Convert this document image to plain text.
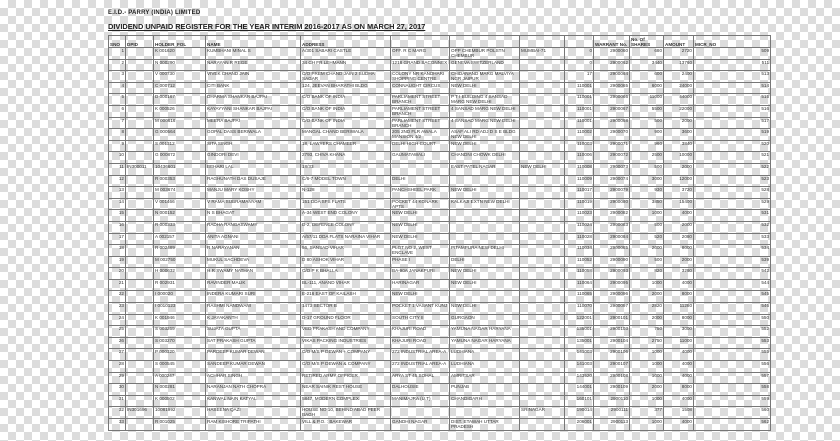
E.I.D.- PARRY (INDIA) LIMITED
DIVIDEND UNPAID REGISTER FOR THE YEAR INTERIM 2016-2017 AS ON MARCH 27, 2017
SNO	DPID	HOLDER_FOL	NAME	ADDRESS					WARRANT No.	No. Of SHARES	AMOUNT	MICR_NO
1		K 001620	KUMBHANI MINAL S	A/301 SABARI CASTLE	OFF. R C MARG	OPP CHEMBUR POLSTN CHEMBUR	MUMBAI-71	0	2900060	680	2720	509
2		N 000290	NARAYAN R REGE	34 CH FR LEHMANN	1218 GRAND SACONNEX	GENEVA SWITZERLAND		0	2900062	3440	13760	511
3		V 000730	VIVEK CHAND JAIN	C/O PREM CHAND JAIN 2 SUDHA SAGAR	COLONY NR KANDHARI SHOPPING CENTRE	CHIDANAND MARG MALVIYA NGR JAIPUR		17	2900064	600	2400	513
4		C 000712	CITI BANK	124, JEEVAN BHARATHI BLDG	CONNAUGHT CIRCUS	NEW DELHI		110001	2900065	6000	24000	514
5		D 000167	DHARMA SHANKAR BAJPAI	C/O BANK OF INDIA	PARLIAMENT STREET BRANCH	P T I BUILDING 4 SANSAD MARG NEW DELHI		110001	2900066	11000	44000	515
6		K 000526	KAYAYYANI SHANKAR BAJPAI	C/O BANK OF INDIA	PARLIAMENT STREET BRANCH	4 SANSAD MARG NEW DELHI		110001	2900067	5500	22000	516
7		M 000616	MEERA BAJPAI	C/O BANK OF INDIA	PARLIAMENT STREET BRANCH	4 SANSAD MARG NEW DELHI		110001	2900068	500	2000	517
8		G 000564	GOPAL DASS BERIWALA	MANGAL CHAND BERIWALA	205 2ND FLR AWALA MANSION 4/2	ASAF ALI RD ADJ D S E BLDG NEW DELHI		110002	2900070	900	3600	519
9		S 001312	SITA SINGH	18, LAWYERS CHAMBER	DELHI HIGH COURT	NEW DELHI		110003	2900071	960	3840	520
10		G 000872	GINDORI DEVI	2793, CHIVA KHANA	GAUMATAWALI	CHANDNI CHOWK DELHI		110006	2900072	2500	10000	521
11	IN300011	10436601	BEHARI LAL	18/33		EAST PATEL NAGAR	NEW DELHI	110008	2900073	500	2000	522
12		R 000353	RAGHUNATH DAS DUSAJE	C/6-7 MODEL TOWN	DELHI			110009	2900074	3000	12000	523
13		M 003674	MANJU MARY KOSHY	N-128	PANCHSHEEL PARK	NEW DELHI		110017	2900079	930	3720	528
14		V 001466	V RAMA SUBRAMANYAM	151 DDA SFS FLATS	POCKET 44 KONARK APTS	KALKAJI EXTN NEW DELHI		110019	2900080	3850	15400	529
15		N 000152	N S BHAGAT	A-34 WEST END COLONY	NEW DELHI			110023	2900082	1000	4000	531
16		R 000333	RADHA RANGASWAMY	D-2, DEFENCE COLONY	NEW DELHI			110024	2900083	500	2000	532
17		A 002157	ANITA AGNANI	A/57/11 DDA FLATS NARAINA VIHAR	NEW DELHI			110028	2900084	520	2080	533
18		R 002489	R NARAYANAN	56, SANSAD VIHAR	PLOT NO 2, WEST ENCLAVE	PITAMPURA NEW DELHI		110034	2900085	2000	8000	534
19		M 002750	MUKUL SACHDEVA	D 80 ASHOK VIHAR	PHASE I	DELHI		110052	2900090	500	2000	539
20		H 000632	H R SWAMY NATHAN	C/O P K BHALLA	BA-90A JANAKPURI	NEW DELHI		110058	2900093	820	3280	542
21		R 002931	RAVINDER MALIK	BL-111, ANAND VIHAR	HARINAGAR	NEW DELHI		110064	2900095	1000	4000	544
22		I 000020	INDERA KUMARI SURI	E-216 EAST OF KAILASH	NEW DELHI			110065	2900096	2000	8000	545
23		I 0010123	RASHMI NANDWANI	1473 SECTOR B	POCKET 1 VASANT KUNJ	NEW DELHI		110070	2900097	2820	11280	546
24		K 001946	K JAYAKANTH	D-17 GROUND FLOOR	SOUTH CITY II	GURGAON		122001	2900101	2000	8000	550
25		S 003269	SUJATA GUPTA	VED PRAKASH AND COMPANY	KHAJURI ROAD	YAMUNA NAGAR HARYANA		135001	2900103	750	3000	552
26		S 003270	SAT PRAKASH GUPTA	VIKAS PACKING INDUSTRIES	KHAJURI ROAD	YAMUNA NAGAR HARYANA		135001	2900104	2750	11000	553
27		P 000320	PARDEEP KUMAR DEWAN	C/O M/S P DEWAN + COMPANY	272 INDUSTRIAL AREA-A	LUDHIANA		141003	2900106	1000	4000	555
28		S 000545	SANDEEP KUMAR DEWAN	C/O M/S P DEWAN & COMPANY	272 INDUSTRIAL AREA-A	LUDHIANA		141003	2900107	1000	4000	556
29		A 000247	ACHHAR SINGH	RETIRED ARMY OFFICER	ARYA ST 45 SOHAL	AMRITSAR		143520	2900108	1000	4000	557
30		N 000281	NARANJAN NATH CHOPRA	NEAR SAINIK REST HOUSE	DALHOUSIE	PUNJAB		144001	2900109	2000	8000	558
31		K 000502	KANWAL NAIN KATYAL	5847, MODERN COMPLEX	MANIMAJRA (U.T)	CHANDIGARH		160101	2900110	1000	4000	559
32	IN301696	10081992	HASEENA QAZI	HOUSE NO 10, BEHIND ABAD PEER BAGH			SRINAGAR	190014	2900111	377	1508	560
33		R 001025	RAM KISHORE TRIPATHI	VILL & P.O. : BAKEWAR	GANDHI NAGAR	DIST. ETAWAH UTTAR PRADESH		206001	2900113	1000	4000	562
